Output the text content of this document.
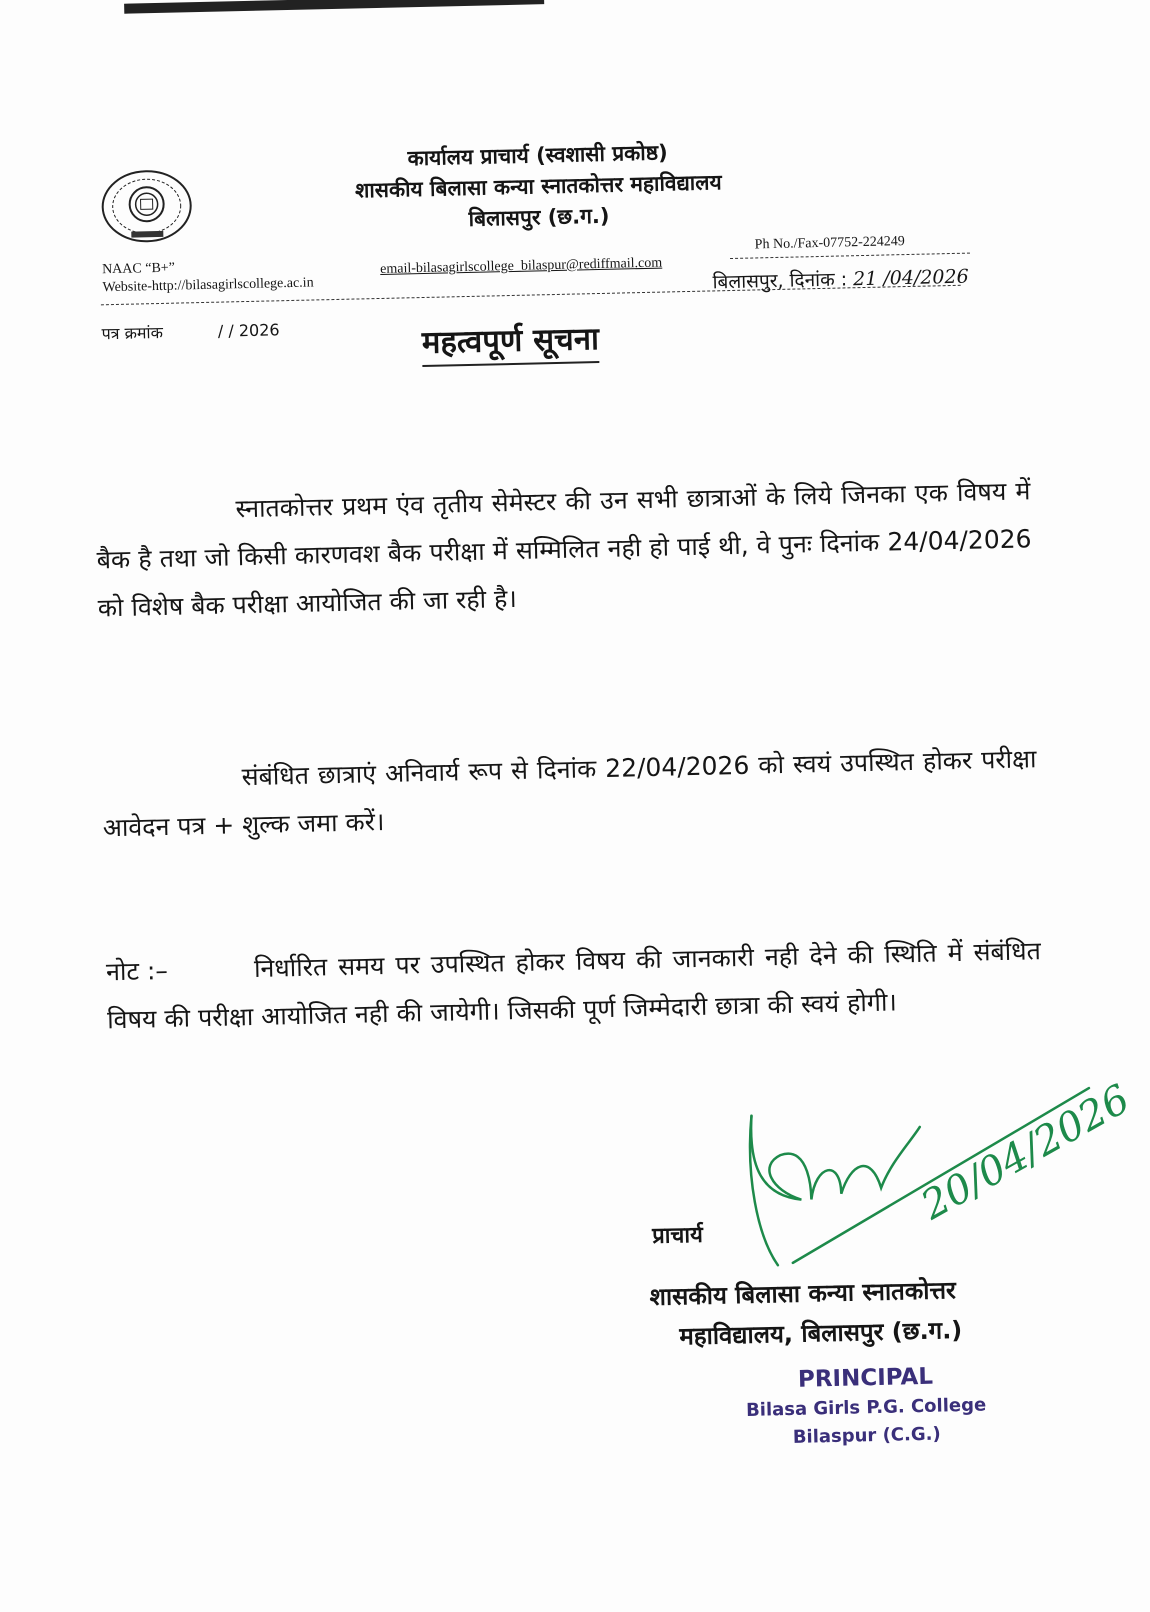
कार्यालय प्राचार्य (स्वशासी प्रकोष्ठ)
शासकीय बिलासा कन्या स्नातकोत्तर महाविद्यालय
बिलासपुर (छ.ग.)
NAAC “B+”
Website-http://bilasagirlscollege.ac.in
email-bilasagirlscollege_bilaspur@rediffmail.com
Ph No./Fax-07752-224249
बिलासपुर, दिनांक : 21 /04/2026
पत्र क्रमांक	/ / 2026	महत्वपूर्ण सूचना
स्नातकोत्तर प्रथम एंव तृतीय सेमेस्टर की उन सभी छात्राओं के लिये जिनका एक विषय में बैक है तथा जो किसी कारणवश बैक परीक्षा में सम्मिलित नही हो पाई थी, वे पुनः दिनांक 24/04/2026 को विशेष बैक परीक्षा आयोजित की जा रही है।
संबंधित छात्राएं अनिवार्य रूप से दिनांक 22/04/2026 को स्वयं उपस्थित होकर परीक्षा आवेदन पत्र + शुल्क जमा करें।
नोट :–	निर्धारित समय पर उपस्थित होकर विषय की जानकारी नही देने की स्थिति में संबंधित विषय की परीक्षा आयोजित नही की जायेगी। जिसकी पूर्ण जिम्मेदारी छात्रा की स्वयं होगी।
20/04/2026
प्राचार्य
शासकीय बिलासा कन्या स्नातकोत्तर
महाविद्यालय, बिलासपुर (छ.ग.)
PRINCIPAL
Bilasa Girls P.G. College
Bilaspur (C.G.)
